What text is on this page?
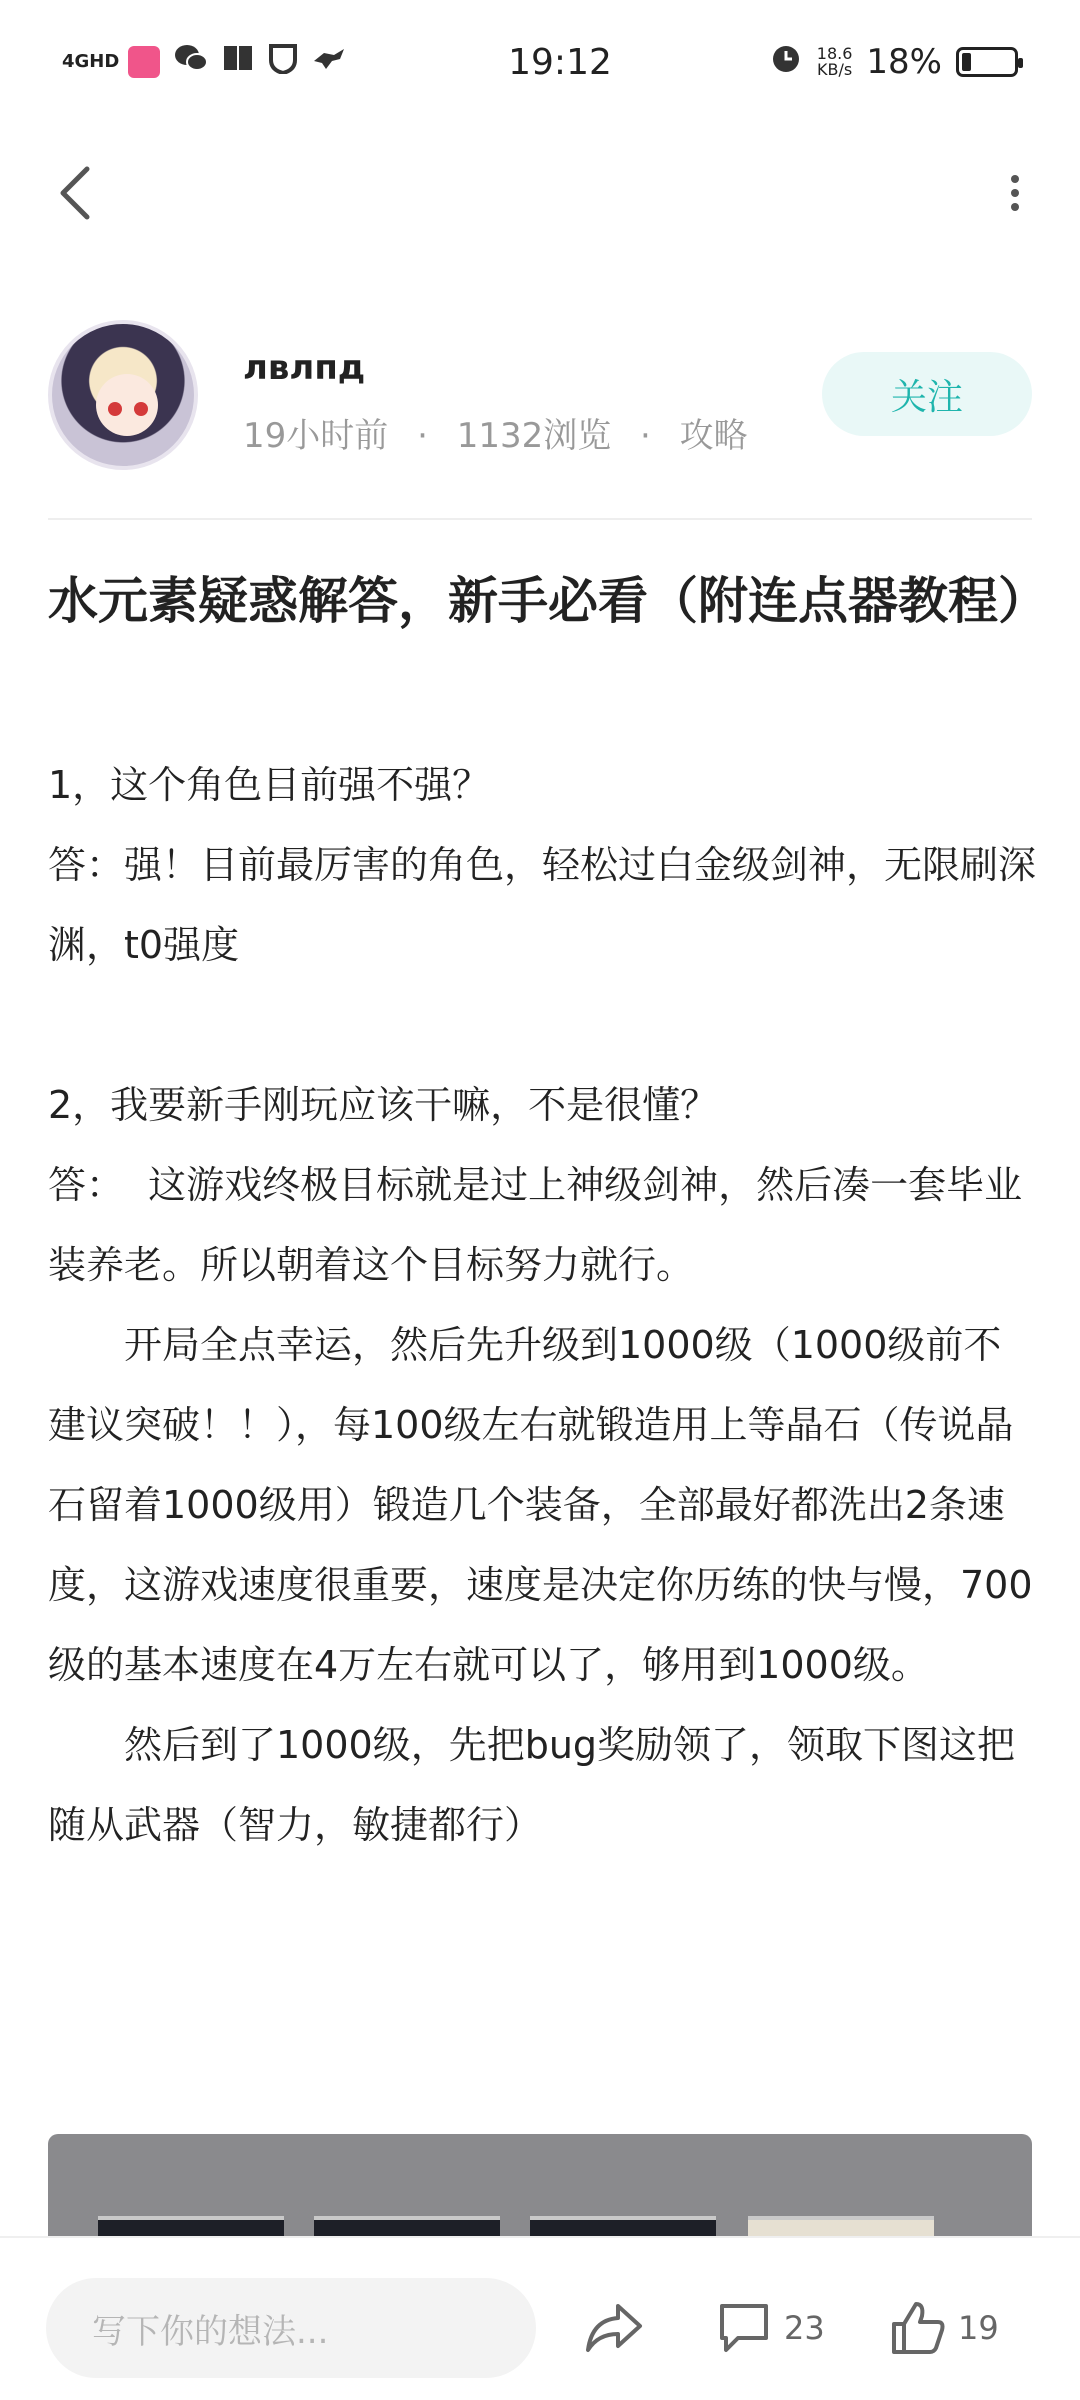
4GHD	19:12	18.6
KB/s 18%
лвлпд
19小时前 · 1132浏览 · 攻略
关注
水元素疑惑解答，新手必看（附连点器教程）

1，这个角色目前强不强？

答：强！目前最厉害的角色，轻松过白金级剑神，无限刷深渊，t0强度

2，我要新手刚玩应该干嘛，不是很懂？

答：  这游戏终极目标就是过上神级剑神，然后凑一套毕业装养老。所以朝着这个目标努力就行。

开局全点幸运，然后先升级到1000级（1000级前不建议突破！！），每100级左右就锻造用上等晶石（传说晶石留着1000级用）锻造几个装备，全部最好都洗出2条速度，这游戏速度很重要，速度是决定你历练的快与慢，700级的基本速度在4万左右就可以了，够用到1000级。

然后到了1000级，先把bug奖励领了，领取下图这把随从武器（智力，敏捷都行）

写下你的想法...	23	19
